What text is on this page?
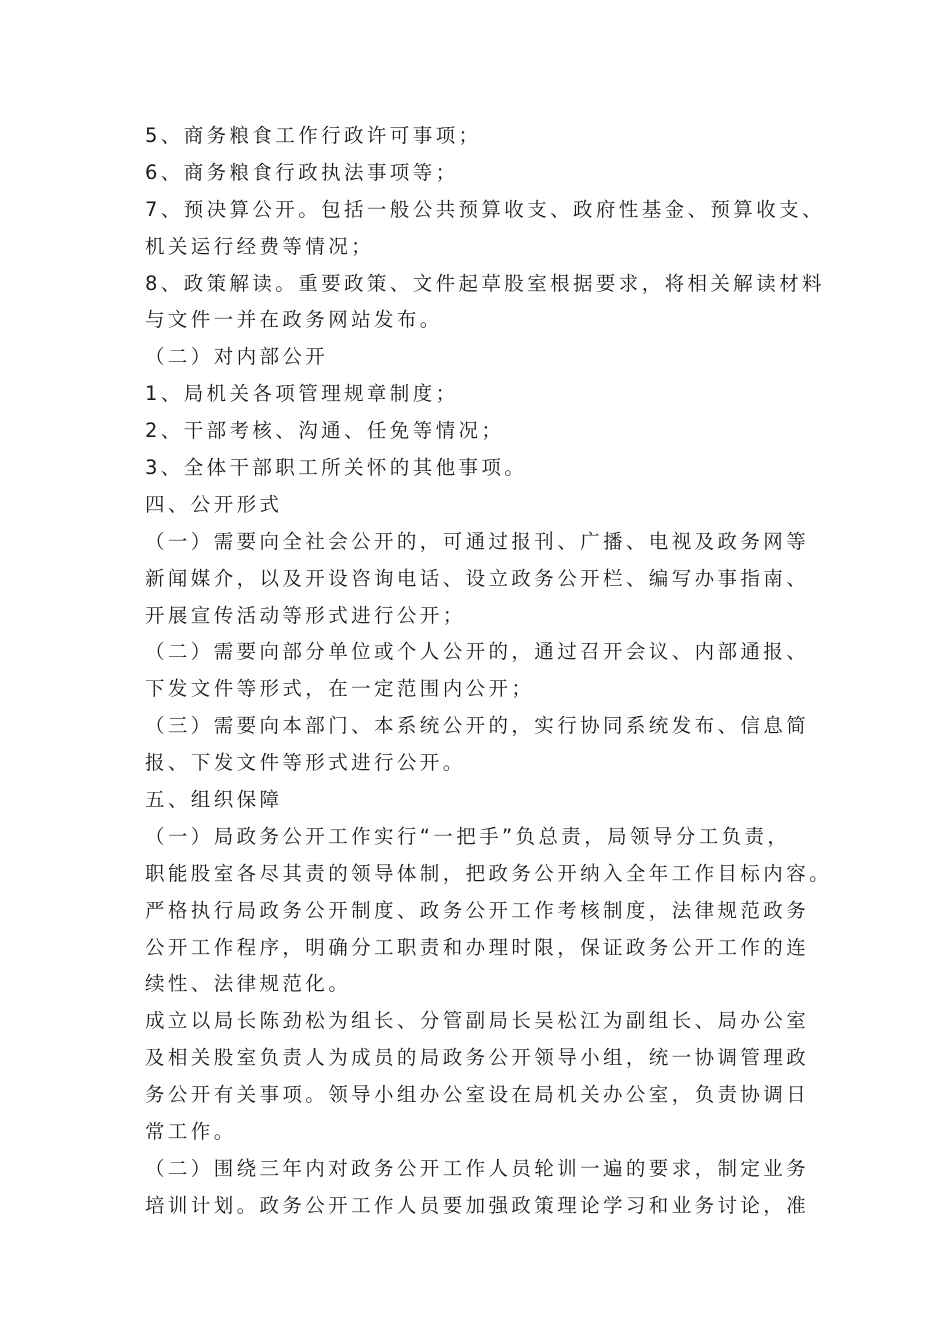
5、商务粮食工作行政许可事项；
6、商务粮食行政执法事项等；
7、预决算公开。包括一般公共预算收支、政府性基金、预算收支、
机关运行经费等情况；
8、政策解读。重要政策、文件起草股室根据要求，将相关解读材料
与文件一并在政务网站发布。
（二）对内部公开
1、局机关各项管理规章制度；
2、干部考核、沟通、任免等情况；
3、全体干部职工所关怀的其他事项。
四、公开形式
（一）需要向全社会公开的，可通过报刊、广播、电视及政务网等
新闻媒介，以及开设咨询电话、设立政务公开栏、编写办事指南、
开展宣传活动等形式进行公开；
（二）需要向部分单位或个人公开的，通过召开会议、内部通报、
下发文件等形式，在一定范围内公开；
（三）需要向本部门、本系统公开的，实行协同系统发布、信息简
报、下发文件等形式进行公开。
五、组织保障
（一）局政务公开工作实行“一把手”负总责，局领导分工负责，
职能股室各尽其责的领导体制，把政务公开纳入全年工作目标内容。
严格执行局政务公开制度、政务公开工作考核制度，法律规范政务
公开工作程序，明确分工职责和办理时限，保证政务公开工作的连
续性、法律规范化。
成立以局长陈劲松为组长、分管副局长吴松江为副组长、局办公室
及相关股室负责人为成员的局政务公开领导小组，统一协调管理政
务公开有关事项。领导小组办公室设在局机关办公室，负责协调日
常工作。
（二）围绕三年内对政务公开工作人员轮训一遍的要求，制定业务
培训计划。政务公开工作人员要加强政策理论学习和业务讨论，准
